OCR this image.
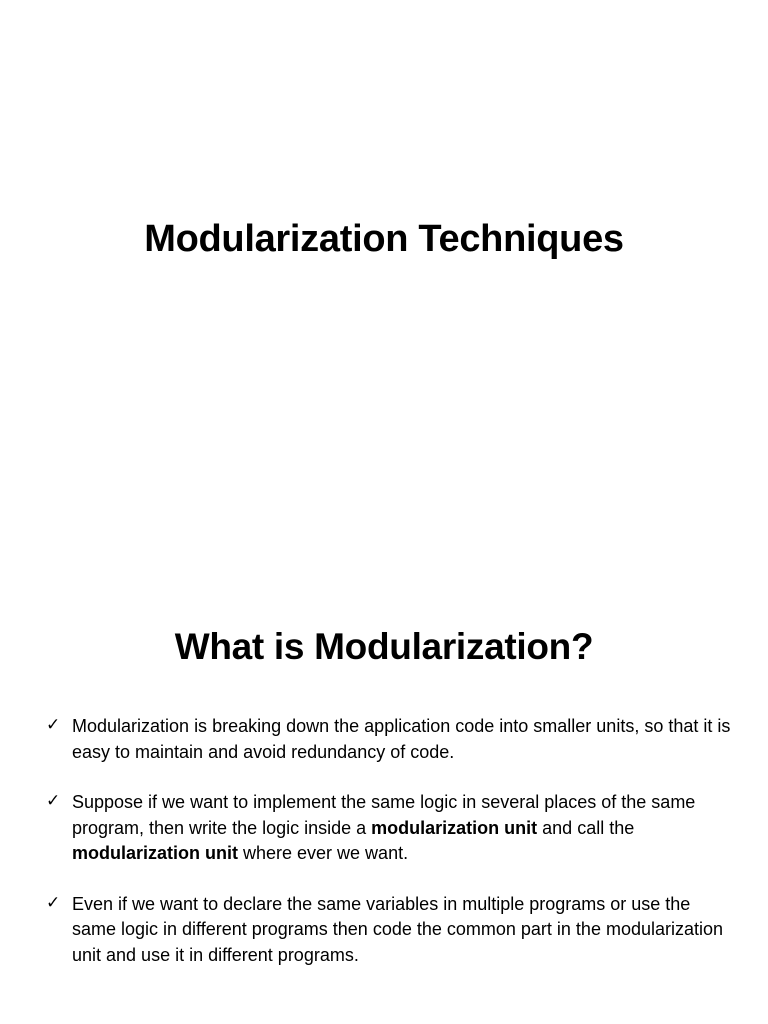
Modularization Techniques
What is Modularization?
✓ Modularization is breaking down the application code into smaller units, so that it is easy to maintain and avoid redundancy of code.
✓ Suppose if we want to implement the same logic in several places of the same program, then write the logic inside a modularization unit and call the modularization unit where ever we want.
✓ Even if we want to declare the same variables in multiple programs or use the same logic in different programs then code the common part in the modularization unit and use it in different programs.
